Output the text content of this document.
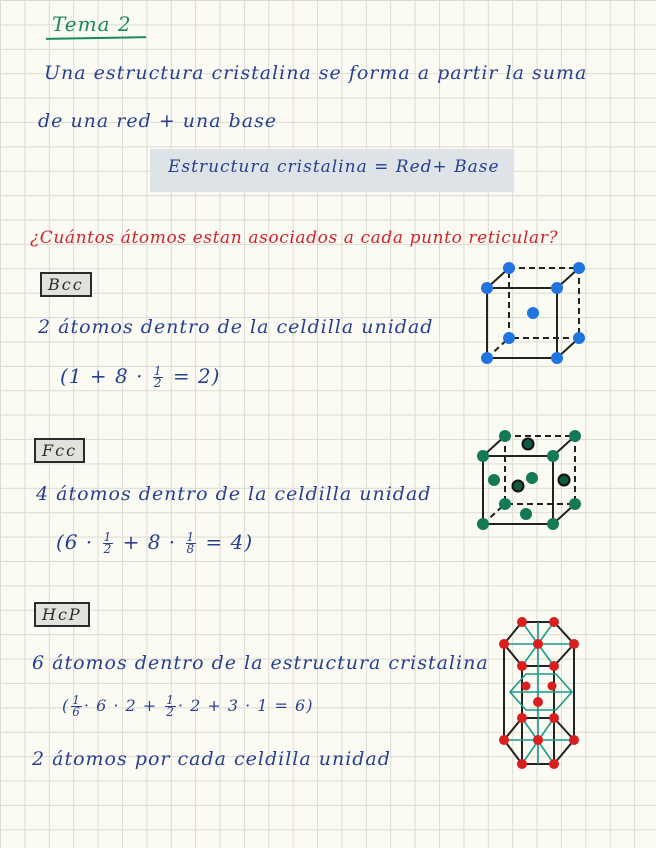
Tema 2
Una estructura cristalina se forma a partir la suma
de una red + una base
Estructura cristalina = Red+ Base
¿Cuántos átomos estan asociados a cada punto reticular?
Bcc
2 átomos dentro de la celdilla unidad
$(1 + 8 \cdot \frac{1}{2} = 2)$
Fcc
4 átomos dentro de la celdilla unidad
$(6 \cdot \frac{1}{2} + 8 \cdot \frac{1}{8} = 4)$
HcP
6 átomos dentro de la estructura cristalina
( $\frac{1}{6} \cdot 6 \cdot 2 + \frac{1}{2} \cdot 2 + 3 \cdot 1 = 6$)
2 átomos por cada celdilla unidad
